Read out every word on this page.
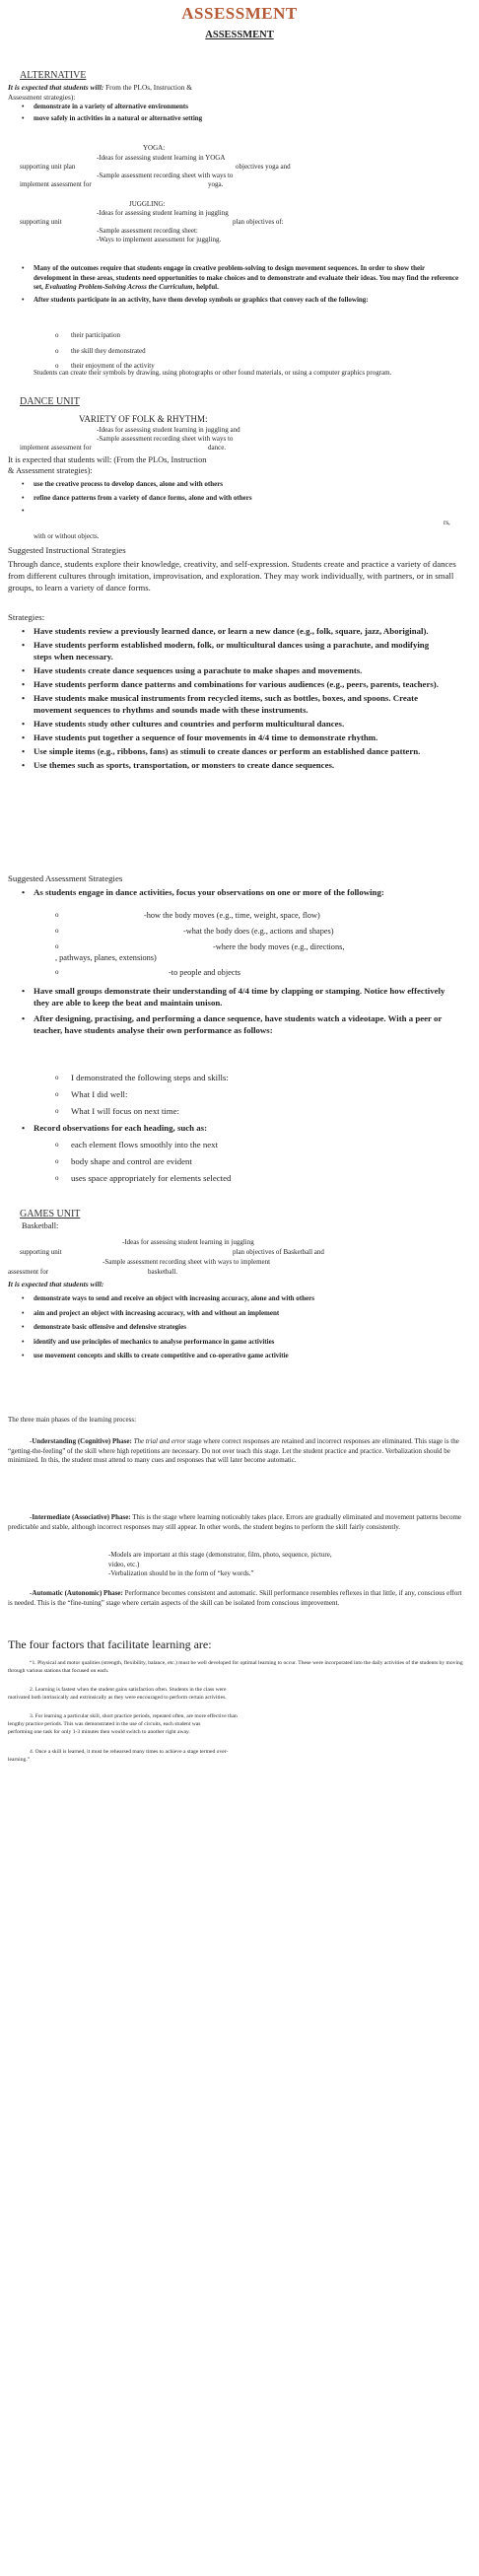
ASSESSMENT
ASSESSMENT
ALTERNATIVE
It is expected that students will: From the PLOs, Instruction &
Assessment strategies):
• demonstrate in a variety of alternative environments
• move safely in activities in a natural or alternative setting
YOGA:
-Ideas for assessing student learning in YOGA
supporting unit plan	objectives yoga and
-Sample assessment recording sheet with ways to
implement assessment for	yoga.
JUGGLING:
-Ideas for assessing student learning in juggling
supporting unit	plan objectives of:
-Sample assessment recording sheet:
-Ways to implement assessment for juggling.
• Many of the outcomes require that students engage in creative problem-solving to design movement sequences. In order to show their development in these areas, students need opportunities to make choices and to demonstrate and evaluate their ideas. You may find the reference set, Evaluating Problem-Solving Across the Curriculum, helpful.
• After students participate in an activity, have them develop symbols or graphics that convey each of the following:
o their participation
o the skill they demonstrated
o their enjoyment of the activity
Students can create their symbols by drawing, using photographs or other found materials, or using a computer graphics program.
DANCE UNIT
VARIETY OF FOLK & RHYTHM:
-Ideas for assessing student learning in juggling and
-Sample assessment recording sheet with ways to
implement assessment for	dance.
It is expected that students will: (From the PLOs, Instruction
& Assessment strategies):
• use the creative process to develop dances, alone and with others
• refine dance patterns from a variety of dance forms, alone and with others
•
rs,
with or without objects.
Suggested Instructional Strategies
Through dance, students explore their knowledge, creativity, and self-expression. Students create and practice a variety of dances from different cultures through imitation, improvisation, and exploration. They may work individually, with partners, or in small groups, to learn a variety of dance forms.
Strategies:
• Have students review a previously learned dance, or learn a new dance (e.g., folk, square, jazz, Aboriginal).
• Have students perform established modern, folk, or multicultural dances using a parachute, and modifying steps when necessary.
• Have students create dance sequences using a parachute to make shapes and movements.
• Have students perform dance patterns and combinations for various audiences (e.g., peers, parents, teachers).
• Have students make musical instruments from recycled items, such as bottles, boxes, and spoons. Create movement sequences to rhythms and sounds made with these instruments.
• Have students study other cultures and countries and perform multicultural dances.
• Have students put together a sequence of four movements in 4/4 time to demonstrate rhythm.
• Use simple items (e.g., ribbons, fans) as stimuli to create dances or perform an established dance pattern.
• Use themes such as sports, transportation, or monsters to create dance sequences.
Suggested Assessment Strategies
• As students engage in dance activities, focus your observations on one or more of the following:
o	-how the body moves (e.g., time, weight, space, flow)
o	-what the body does (e.g., actions and shapes)
o	-where the body moves (e.g., directions,
, pathways, planes, extensions)
o	-to people and objects
• Have small groups demonstrate their understanding of 4/4 time by clapping or stamping. Notice how effectively they are able to keep the beat and maintain unison.
• After designing, practising, and performing a dance sequence, have students watch a videotape. With a peer or teacher, have students analyse their own performance as follows:
o I demonstrated the following steps and skills:
o What I did well:
o What I will focus on next time:
• Record observations for each heading, such as:
o each element flows smoothly into the next
o body shape and control are evident
o uses space appropriately for elements selected
GAMES UNIT
Basketball:
-Ideas for assessing student learning in juggling
supporting unit	plan objectives of Basketball and
-Sample assessment recording sheet with ways to implement
assessment for	basketball.
It is expected that students will:
• demonstrate ways to send and receive an object with increasing accuracy, alone and with others
• aim and project an object with increasing accuracy, with and without an implement
• demonstrate basic offensive and defensive strategies
• identify and use principles of mechanics to analyse performance in game activities
• use movement concepts and skills to create competitive and co-operative game activitie
The three main phases of the learning process:
-Understanding (Cognitive) Phase: The trial and error stage where correct responses are retained and incorrect responses are eliminated. This stage is the “getting-the-feeling” of the skill where high repetitions are necessary. Do not over teach this stage. Let the student practice and practice. Verbalization should be minimized. In this, the student must attend to many cues and responses that will later become automatic.
-Intermediate (Associative) Phase: This is the stage where learning noticeably takes place. Errors are gradually eliminated and movement patterns become predictable and stable, although incorrect responses may still appear. In other words, the student begins to perform the skill fairly consistently.
-Models are important at this stage (demonstrator, film, photo, sequence, picture, video, etc.)
-Verbalization should be in the form of “key words.”
-Automatic (Autonomic) Phase: Performance becomes consistent and automatic. Skill performance resembles reflexes in that little, if any, conscious effort is needed. This is the “fine-tuning” stage where certain aspects of the skill can be isolated from conscious improvement.
The four factors that facilitate learning are:
“1. Physical and motor qualities (strength, flexibility, balance, etc.) must be well developed for optimal learning to occur. These were incorporated into the daily activities of the students by moving through various stations that focused on each.
2. Learning is fastest when the student gains satisfaction often. Students in the class were
motivated both intrinsically and extrinsically as they were encouraged to perform certain activities.
3. For learning a particular skill, short practice periods, repeated often, are more effective than
lengthy practice periods. This was demonstrated in the use of circuits, each student was
performing one task for only 1-3 minutes then would switch to another right away.
4. Once a skill is learned, it must be rehearsed many times to achieve a stage termed over-
learning.”
